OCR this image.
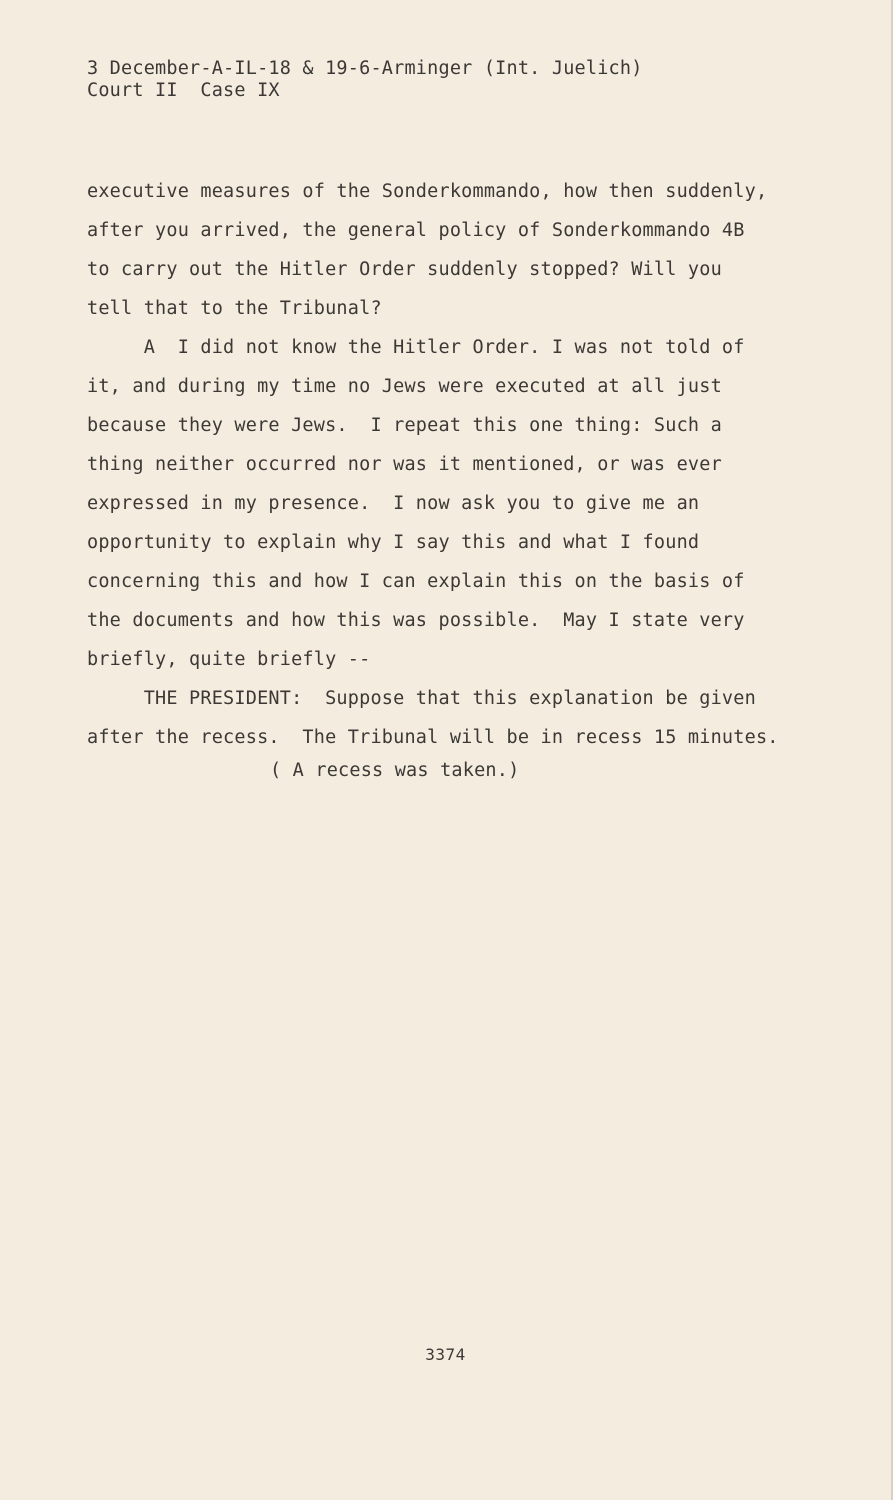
3 December-A-IL-18 & 19-6-Arminger (Int. Juelich)
Court II  Case IX
executive measures of the Sonderkommando, how then suddenly,
after you arrived, the general policy of Sonderkommando 4B
to carry out the Hitler Order suddenly stopped? Will you
tell that to the Tribunal?
A  I did not know the Hitler Order. I was not told of
it, and during my time no Jews were executed at all just
because they were Jews.  I repeat this one thing: Such a
thing neither occurred nor was it mentioned, or was ever
expressed in my presence.  I now ask you to give me an
opportunity to explain why I say this and what I found
concerning this and how I can explain this on the basis of
the documents and how this was possible.  May I state very
briefly, quite briefly --
THE PRESIDENT:  Suppose that this explanation be given
after the recess.  The Tribunal will be in recess 15 minutes.
( A recess was taken.)
3374
